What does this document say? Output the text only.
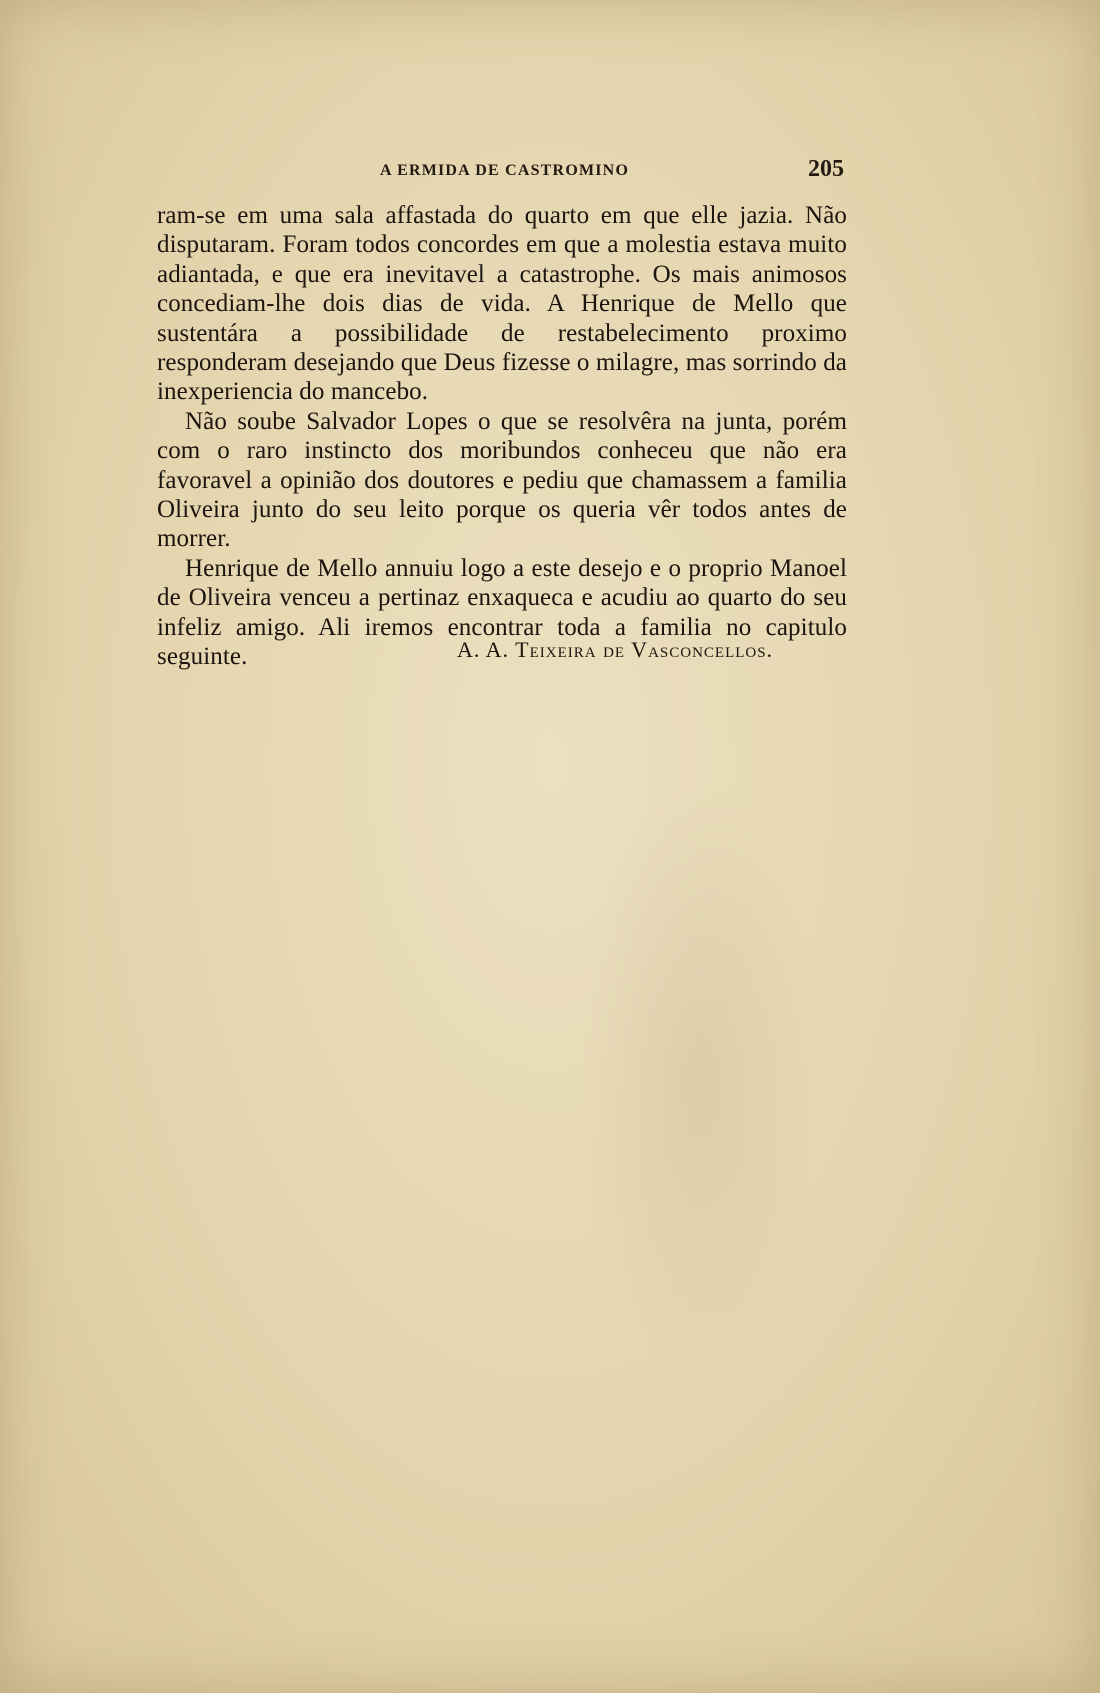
A ERMIDA DE CASTROMINO	205

ram-se em uma sala affastada do quarto em que elle jazia. Não disputaram. Foram todos concordes em que a molestia estava muito adiantada, e que era inevitavel a catastrophe. Os mais animosos concediam-lhe dois dias de vida. A Henrique de Mello que sustentára a possibilidade de restabelecimento proximo responderam desejando que Deus fizesse o milagre, mas sorrindo da inexperiencia do mancebo.

Não soube Salvador Lopes o que se resolvêra na junta, porém com o raro instincto dos moribundos conheceu que não era favoravel a opinião dos doutores e pediu que chamassem a familia Oliveira junto do seu leito porque os queria vêr todos antes de morrer.

Henrique de Mello annuiu logo a este desejo e o proprio Manoel de Oliveira venceu a pertinaz enxaqueca e acudiu ao quarto do seu infeliz amigo. Ali iremos encontrar toda a familia no capitulo seguinte.	A. A. Teixeira de Vasconcellos.
